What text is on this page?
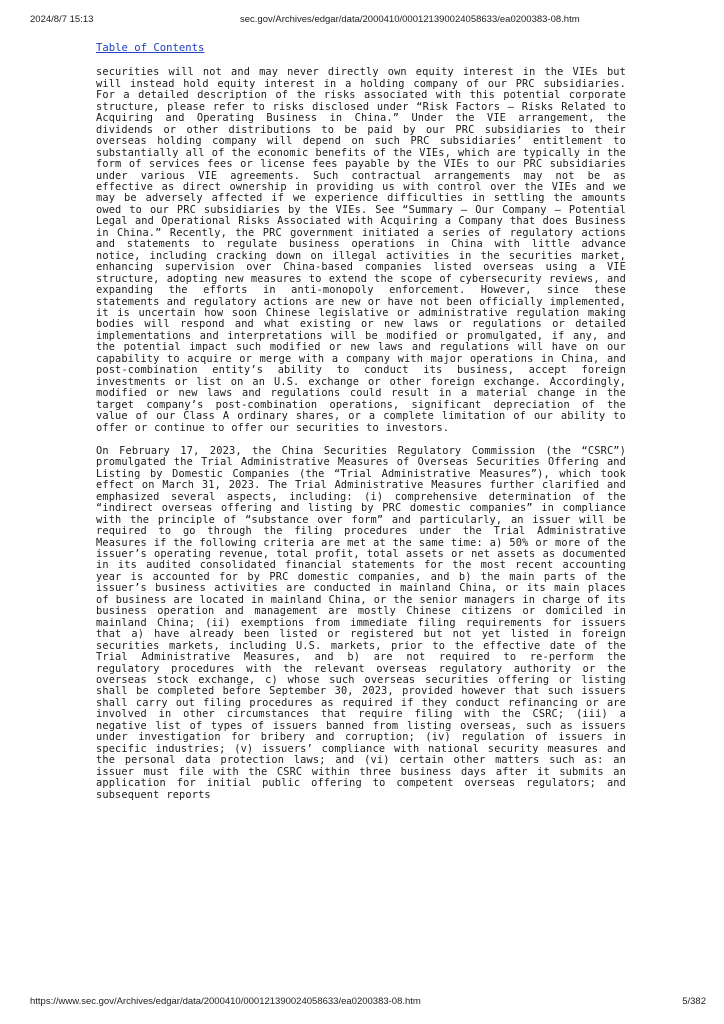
2024/8/7 15:13	sec.gov/Archives/edgar/data/2000410/000121390024058633/ea0200383-08.htm
Table of Contents

securities will not and may never directly own equity interest in the VIEs but will instead hold equity interest in a holding company of our PRC subsidiaries. For a detailed description of the risks associated with this potential corporate structure, please refer to risks disclosed under “Risk Factors — Risks Related to Acquiring and Operating Business in China.” Under the VIE arrangement, the dividends or other distributions to be paid by our PRC subsidiaries to their overseas holding company will depend on such PRC subsidiaries’ entitlement to substantially all of the economic benefits of the VIEs, which are typically in the form of services fees or license fees payable by the VIEs to our PRC subsidiaries under various VIE agreements. Such contractual arrangements may not be as effective as direct ownership in providing us with control over the VIEs and we may be adversely affected if we experience difficulties in settling the amounts owed to our PRC subsidiaries by the VIEs. See “Summary — Our Company — Potential Legal and Operational Risks Associated with Acquiring a Company that does Business in China.” Recently, the PRC government initiated a series of regulatory actions and statements to regulate business operations in China with little advance notice, including cracking down on illegal activities in the securities market, enhancing supervision over China-based companies listed overseas using a VIE structure, adopting new measures to extend the scope of cybersecurity reviews, and expanding the efforts in anti-monopoly enforcement. However, since these statements and regulatory actions are new or have not been officially implemented, it is uncertain how soon Chinese legislative or administrative regulation making bodies will respond and what existing or new laws or regulations or detailed implementations and interpretations will be modified or promulgated, if any, and the potential impact such modified or new laws and regulations will have on our capability to acquire or merge with a company with major operations in China, and post-combination entity’s ability to conduct its business, accept foreign investments or list on an U.S. exchange or other foreign exchange. Accordingly, modified or new laws and regulations could result in a material change in the target company’s post-combination operations, significant depreciation of the value of our Class A ordinary shares, or a complete limitation of our ability to offer or continue to offer our securities to investors.

On February 17, 2023, the China Securities Regulatory Commission (the “CSRC”) promulgated the Trial Administrative Measures of Overseas Securities Offering and Listing by Domestic Companies (the “Trial Administrative Measures”), which took effect on March 31, 2023. The Trial Administrative Measures further clarified and emphasized several aspects, including: (i) comprehensive determination of the “indirect overseas offering and listing by PRC domestic companies” in compliance with the principle of “substance over form” and particularly, an issuer will be required to go through the filing procedures under the Trial Administrative Measures if the following criteria are met at the same time: a) 50% or more of the issuer’s operating revenue, total profit, total assets or net assets as documented in its audited consolidated financial statements for the most recent accounting year is accounted for by PRC domestic companies, and b) the main parts of the issuer’s business activities are conducted in mainland China, or its main places of business are located in mainland China, or the senior managers in charge of its business operation and management are mostly Chinese citizens or domiciled in mainland China; (ii) exemptions from immediate filing requirements for issuers that a) have already been listed or registered but not yet listed in foreign securities markets, including U.S. markets, prior to the effective date of the Trial Administrative Measures, and b) are not required to re-perform the regulatory procedures with the relevant overseas regulatory authority or the overseas stock exchange, c) whose such overseas securities offering or listing shall be completed before September 30, 2023, provided however that such issuers shall carry out filing procedures as required if they conduct refinancing or are involved in other circumstances that require filing with the CSRC; (iii) a negative list of types of issuers banned from listing overseas, such as issuers under investigation for bribery and corruption; (iv) regulation of issuers in specific industries; (v) issuers’ compliance with national security measures and the personal data protection laws; and (vi) certain other matters such as: an issuer must file with the CSRC within three business days after it submits an application for initial public offering to competent overseas regulators; and subsequent reports

https://www.sec.gov/Archives/edgar/data/2000410/000121390024058633/ea0200383-08.htm	5/382
